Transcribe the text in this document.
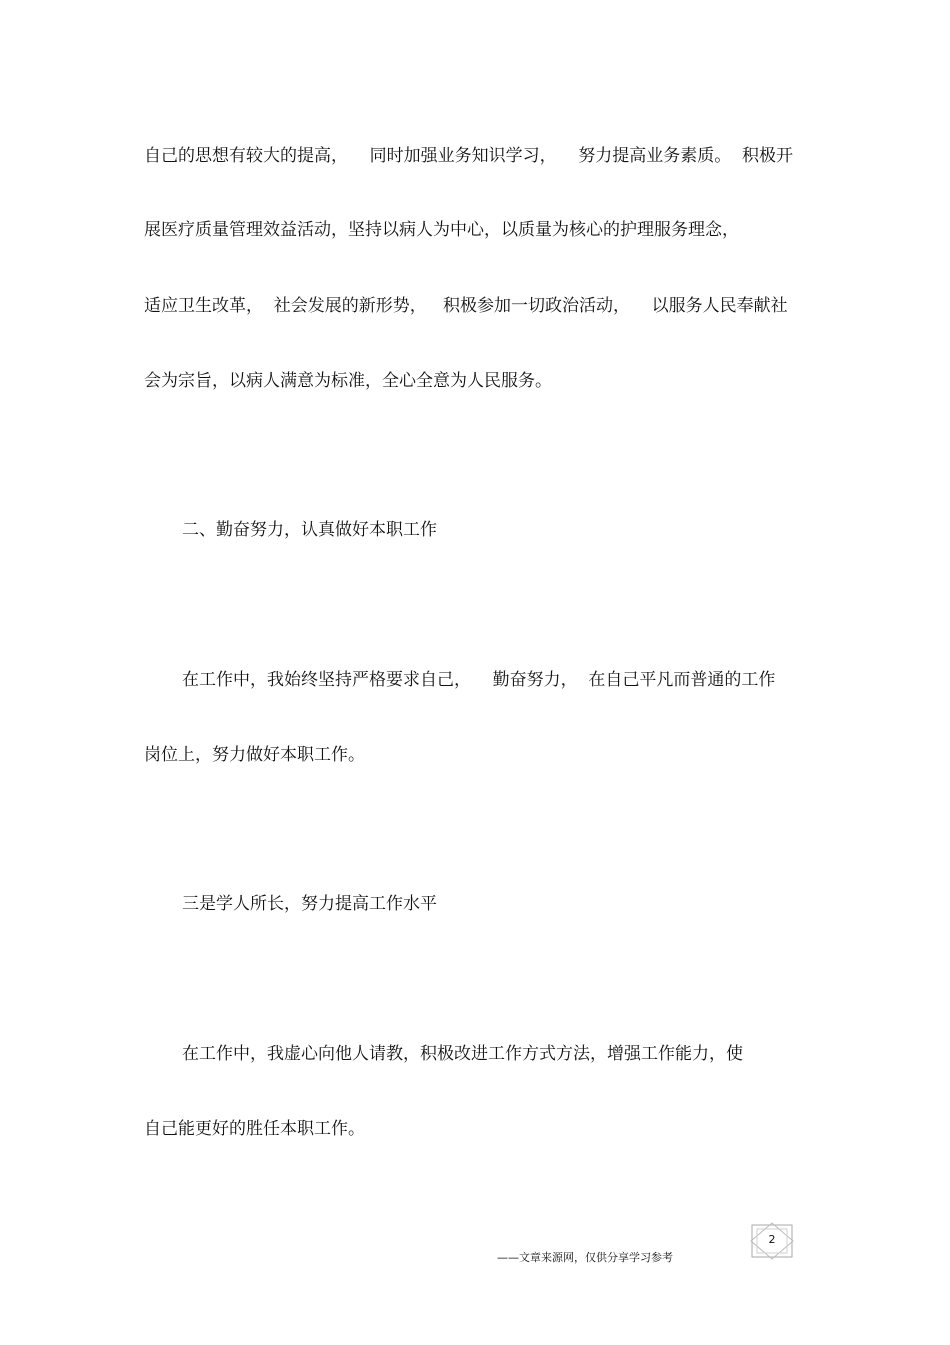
自己的思想有较大的提高，    同时加强业务知识学习，    努力提高业务素质。  积极开
展医疗质量管理效益活动，坚持以病人为中心，以质量为核心的护理服务理念，
适应卫生改革，  社会发展的新形势，   积极参加一切政治活动，    以服务人民奉献社
会为宗旨，以病人满意为标准，全心全意为人民服务。
二、勤奋努力，认真做好本职工作
在工作中，我始终坚持严格要求自己，    勤奋努力，  在自己平凡而普通的工作
岗位上，努力做好本职工作。
三是学人所长，努力提高工作水平
在工作中，我虚心向他人请教，积极改进工作方式方法，增强工作能力，使
自己能更好的胜任本职工作。
——文章来源网，仅供分享学习参考
2
